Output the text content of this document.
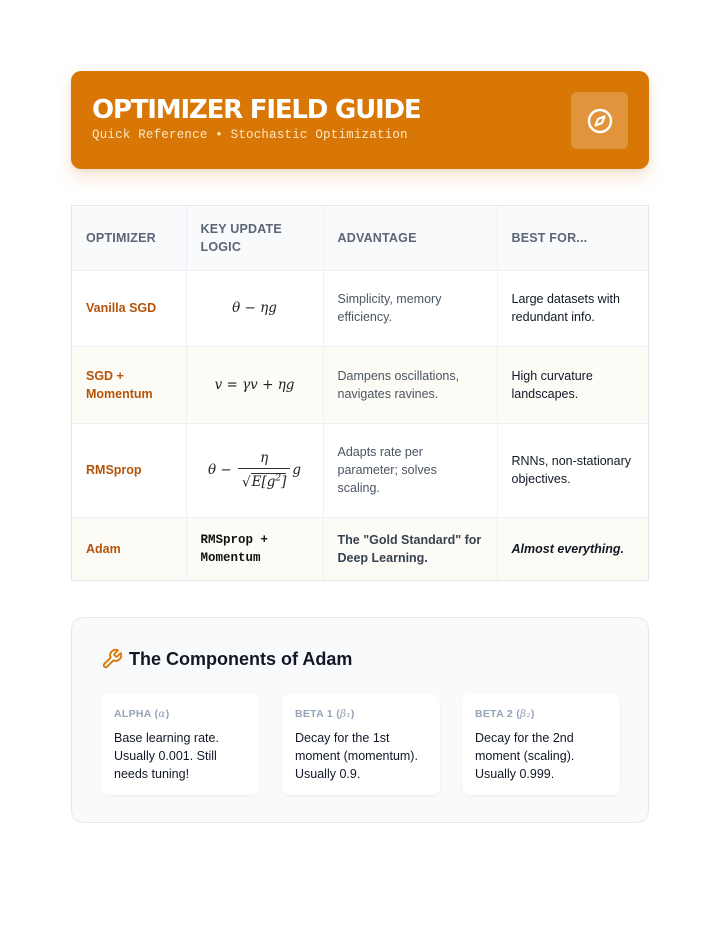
OPTIMIZER FIELD GUIDE
Quick Reference • Stochastic Optimization
OPTIMIZER	KEY UPDATE LOGIC	ADVANTAGE	BEST FOR...
Vanilla SGD	θ − ηg	Simplicity, memory efficiency.	Large datasets with redundant info.
SGD + Momentum	v = γv + ηg	Dampens oscillations, navigates ravines.	High curvature landscapes.
RMSprop	$\theta - \frac{\eta}{√E[g^2]}$ g	Adapts rate per parameter; solves scaling.	RNNs, non-stationary objectives.
Adam	RMSprop + Momentum	The "Gold Standard" for Deep Learning.	Almost everything.
The Components of Adam
ALPHA (α)
Base learning rate. Usually 0.001. Still needs tuning!
BETA 1 (β₁)
Decay for the 1st moment (momentum). Usually 0.9.
BETA 2 (β₂)
Decay for the 2nd moment (scaling). Usually 0.999.
